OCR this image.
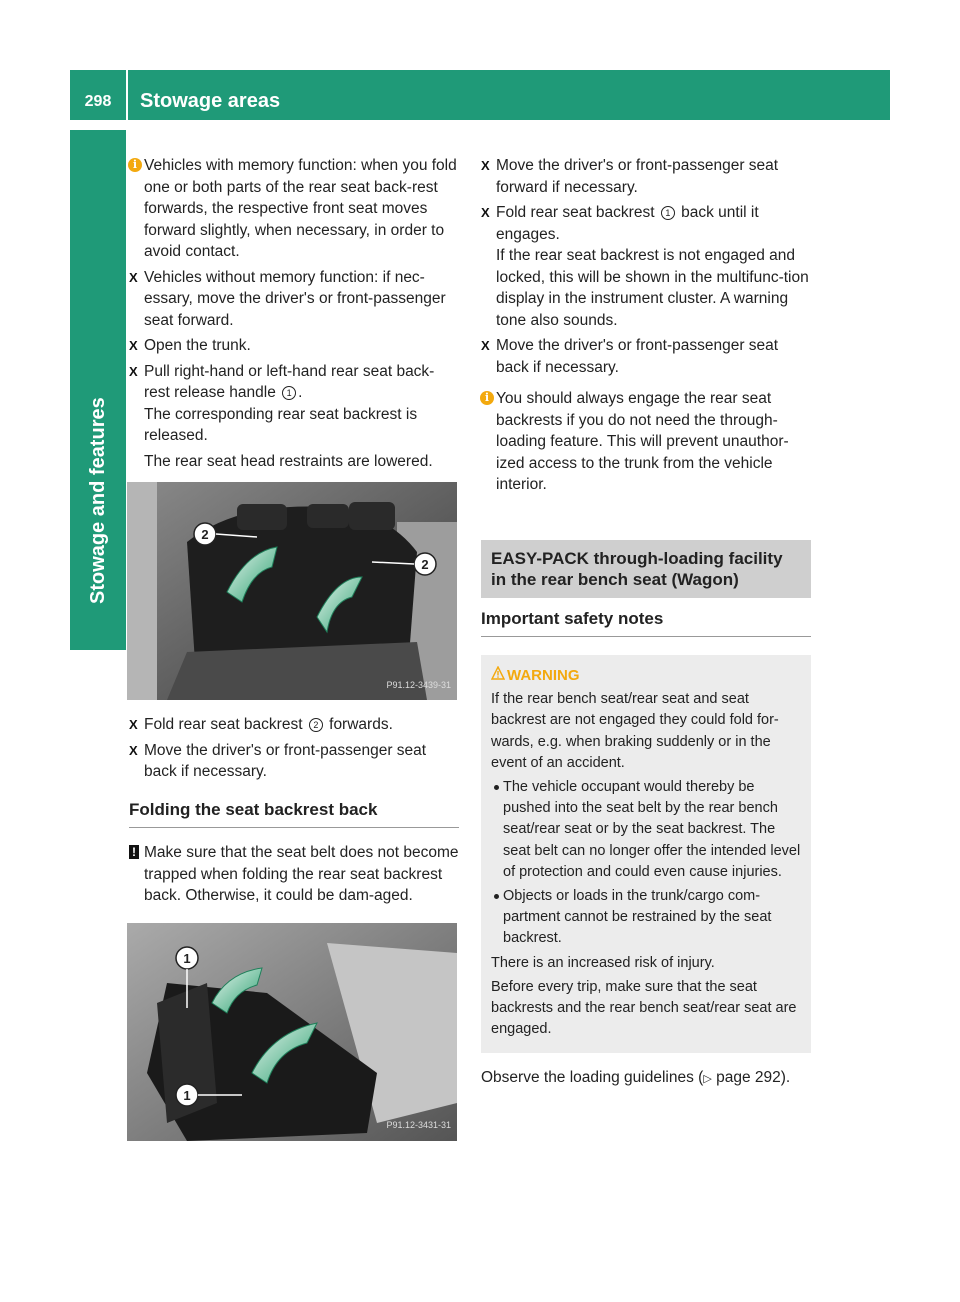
298	Stowage areas
Stowage and features
i Vehicles with memory function: when you fold one or both parts of the rear seat back-rest forwards, the respective front seat moves forward slightly, when necessary, in order to avoid contact.
X Vehicles without memory function: if nec-essary, move the driver's or front-passenger seat forward.
X Open the trunk.
X Pull right-hand or left-hand rear seat back-rest release handle 1 .
The corresponding rear seat backrest is released.
The rear seat head restraints are lowered.
2
2
P91.12-3439-31
X Fold rear seat backrest 2 forwards.
X Move the driver's or front-passenger seat back if necessary.
Folding the seat backrest back
! Make sure that the seat belt does not become trapped when folding the rear seat backrest back. Otherwise, it could be dam-aged.
1
1
P91.12-3431-31
X Move the driver's or front-passenger seat forward if necessary.
X Fold rear seat backrest 1 back until it engages.
If the rear seat backrest is not engaged and locked, this will be shown in the multifunc-tion display in the instrument cluster. A warning tone also sounds.
X Move the driver's or front-passenger seat back if necessary.
i You should always engage the rear seat backrests if you do not need the through-loading feature. This will prevent unauthor-ized access to the trunk from the vehicle interior.
EASY-PACK through-loading facility in the rear bench seat (Wagon)
Important safety notes
WARNING

If the rear bench seat/rear seat and seat backrest are not engaged they could fold for-wards, e.g. when braking suddenly or in the event of an accident.

The vehicle occupant would thereby be pushed into the seat belt by the rear bench seat/rear seat or by the seat backrest. The seat belt can no longer offer the intended level of protection and could even cause injuries.
Objects or loads in the trunk/cargo com-partment cannot be restrained by the seat backrest.

There is an increased risk of injury.

Before every trip, make sure that the seat backrests and the rear bench seat/rear seat are engaged.

Observe the loading guidelines (▷ page 292).
